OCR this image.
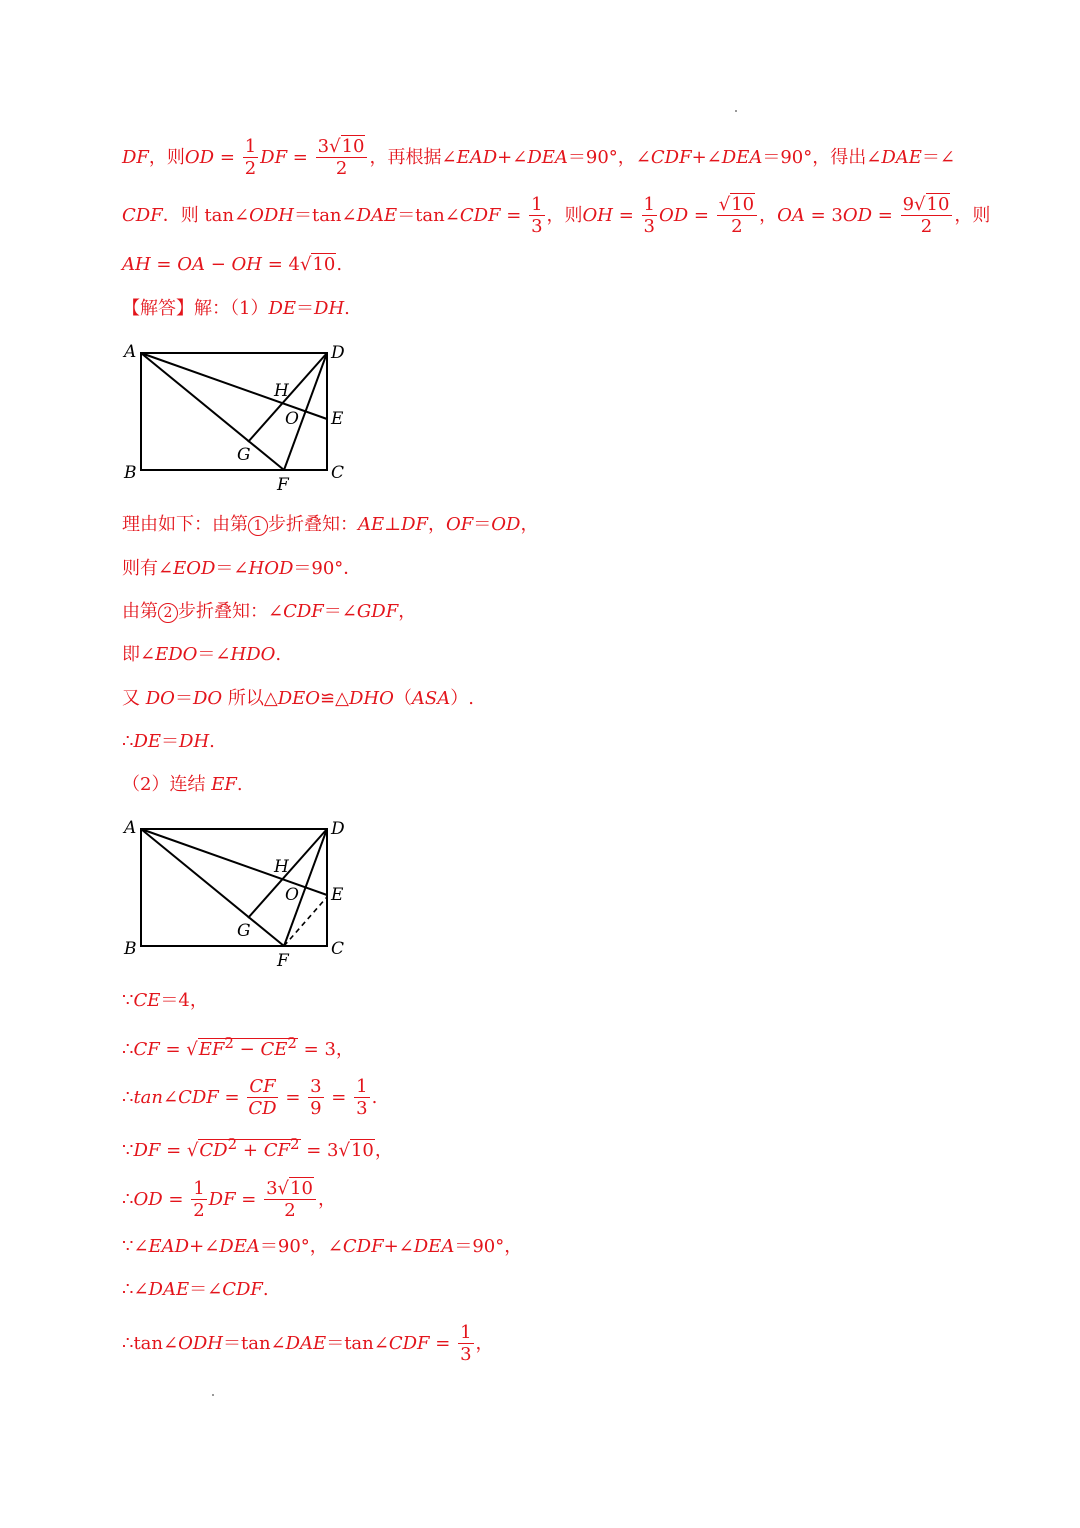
DF，则OD = $\frac{1}{2}$ DF = $\frac{3√10}{2}$ ，再根据∠EAD+∠DEA＝90°，∠CDF+∠DEA＝90°，得出∠DAE＝∠
CDF．则 tan∠ODH＝tan∠DAE＝tan∠CDF = $\frac{1}{3}$ ，则OH = $\frac{1}{3}$ OD = $\frac{√10}{2}$ ，OA = $3OD = \frac{9√10}{2}$ ，则
AH = OA − OH = 4√10.
【解答】解：（1）DE＝DH.
A
B	C
D
E
F
G
H
O
理由如下：由第 1 步折叠知：AE⊥DF，OF＝OD，
则有∠EOD＝∠HOD＝90°．
由第 2 步折叠知：∠CDF＝∠GDF，
即∠EDO＝∠HDO.
又 DO＝DO 所以△DEO≌△DHO（ASA）.
∴DE＝DH.
（2）连结 EF.
A
B	C
D
E
F
G
H
O
∵CE＝4，
∴CF = $√EF^2 - CE^2 = 3$，
∴tan∠CDF = $\frac{CF}{CD} = \frac{3}{9} = \frac{1}{3}$ .
∵DF = $√CD^2 + CF^2 = 3√10$，
∴OD = $\frac{1}{2}$ DF = $\frac{3√10}{2}$ ，
∵∠EAD+∠DEA＝90°，∠CDF+∠DEA＝90°，
∴∠DAE＝∠CDF.
∴tan∠ODH＝tan∠DAE＝tan∠CDF = $\frac{1}{3}$ ，
